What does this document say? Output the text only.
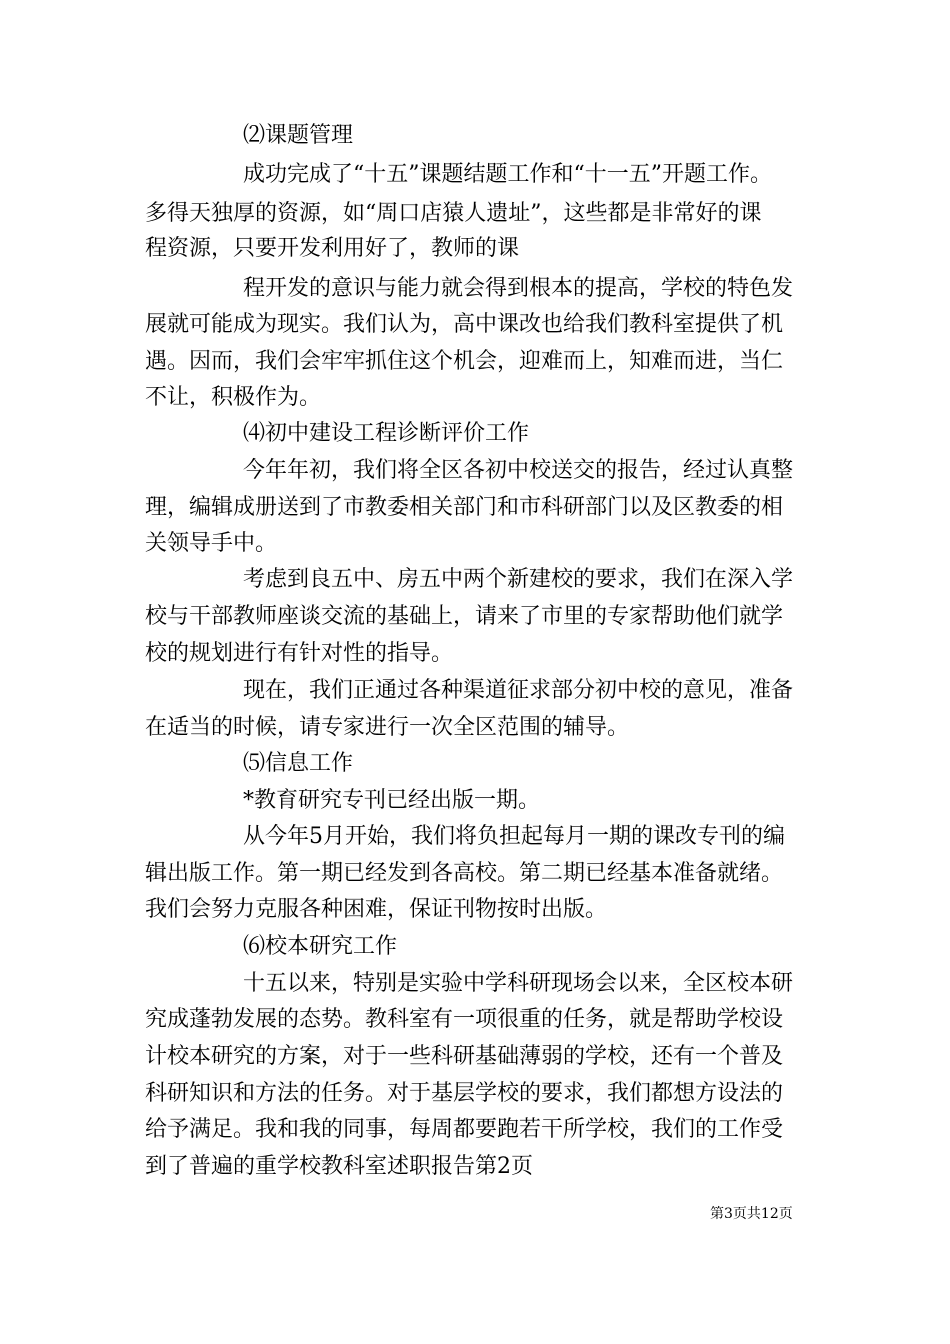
⑵课题管理
成功完成了“十五”课题结题工作和“十一五”开题工作。
多得天独厚的资源，如“周口店猿人遗址”，这些都是非常好的课
程资源，只要开发利用好了，教师的课
程开发的意识与能力就会得到根本的提高，学校的特色发
展就可能成为现实。我们认为，高中课改也给我们教科室提供了机
遇。因而，我们会牢牢抓住这个机会，迎难而上，知难而进，当仁
不让，积极作为。
⑷初中建设工程诊断评价工作
今年年初，我们将全区各初中校送交的报告，经过认真整
理，编辑成册送到了市教委相关部门和市科研部门以及区教委的相
关领导手中。
考虑到良五中、房五中两个新建校的要求，我们在深入学
校与干部教师座谈交流的基础上，请来了市里的专家帮助他们就学
校的规划进行有针对性的指导。
现在，我们正通过各种渠道征求部分初中校的意见，准备
在适当的时候，请专家进行一次全区范围的辅导。
⑸信息工作
*教育研究专刊已经出版一期。
从今年5月开始，我们将负担起每月一期的课改专刊的编
辑出版工作。第一期已经发到各高校。第二期已经基本准备就绪。
我们会努力克服各种困难，保证刊物按时出版。
⑹校本研究工作
十五以来，特别是实验中学科研现场会以来，全区校本研
究成蓬勃发展的态势。教科室有一项很重的任务，就是帮助学校设
计校本研究的方案，对于一些科研基础薄弱的学校，还有一个普及
科研知识和方法的任务。对于基层学校的要求，我们都想方设法的
给予满足。我和我的同事，每周都要跑若干所学校，我们的工作受
到了普遍的重学校教科室述职报告第2页
第3页共12页
